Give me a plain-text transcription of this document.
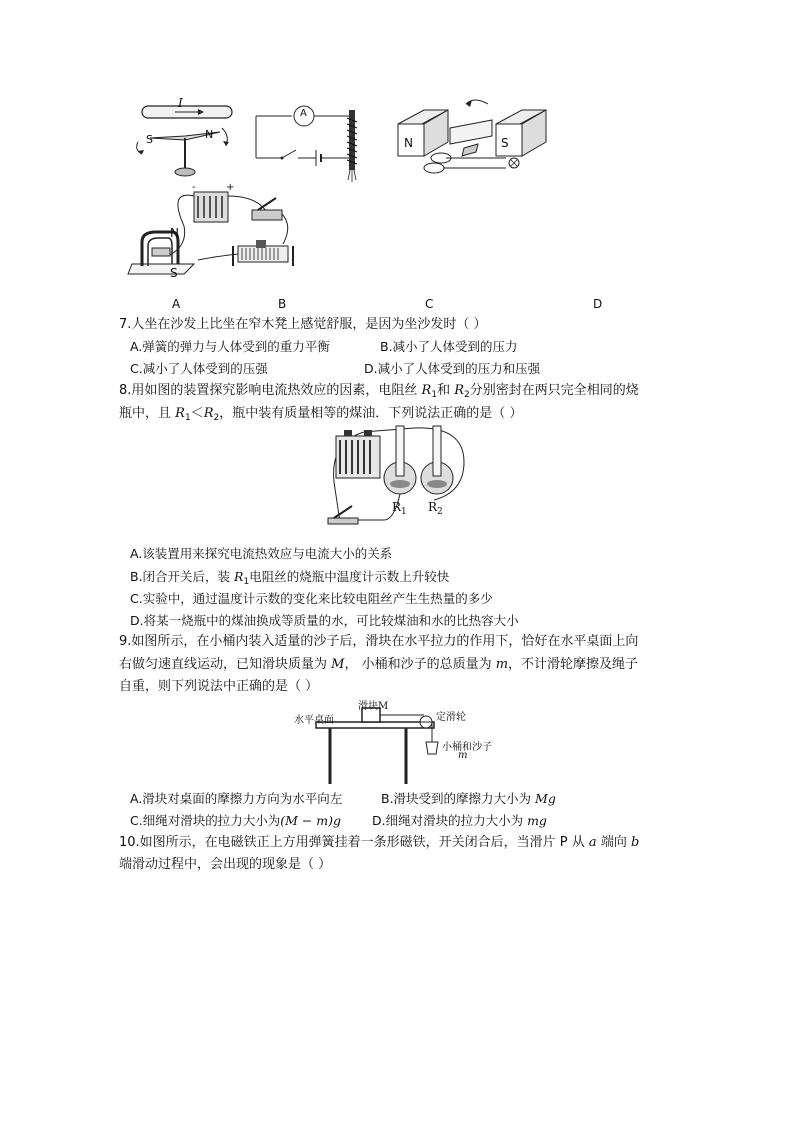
I
S	N
A
N	S
+
-
N
S
A	B	C	D
7.人坐在沙发上比坐在窄木凳上感觉舒服，是因为坐沙发时（ ）
A.弹簧的弹力与人体受到的重力平衡	B.减小了人体受到的压力
C.减小了人体受到的压强	D.减小了人体受到的压力和压强
8.用如图的装置探究影响电流热效应的因素，电阻丝 $R_1$和 $R_2$分别密封在两只完全相同的烧
瓶中，且 $R_1<R_2$，瓶中装有质量相等的煤油．下列说法正确的是（ ）
$R_1$ $R_2$
A.该装置用来探究电流热效应与电流大小的关系
B.闭合开关后，装 $R_1$电阻丝的烧瓶中温度计示数上升较快
C.实验中，通过温度计示数的变化来比较电阻丝产生生热量的多少
D.将某一烧瓶中的煤油换成等质量的水，可比较煤油和水的比热容大小
9.如图所示，在小桶内装入适量的沙子后，滑块在水平拉力的作用下，恰好在水平桌面上向
右做匀速直线运动，已知滑块质量为 M， 小桶和沙子的总质量为 m，不计滑轮摩擦及绳子
自重，则下列说法中正确的是（ ）
水平桌面
滑块M
定滑轮
小桶和沙子
m
A.滑块对桌面的摩擦力方向为水平向左	B.滑块受到的摩擦力大小为 Mg
C.细绳对滑块的拉力大小为(M − m)g D.细绳对滑块的拉力大小为 mg
10.如图所示，在电磁铁正上方用弹簧挂着一条形磁铁，开关闭合后，当滑片 P 从 a 端向 b
端滑动过程中，会出现的现象是（ ）
